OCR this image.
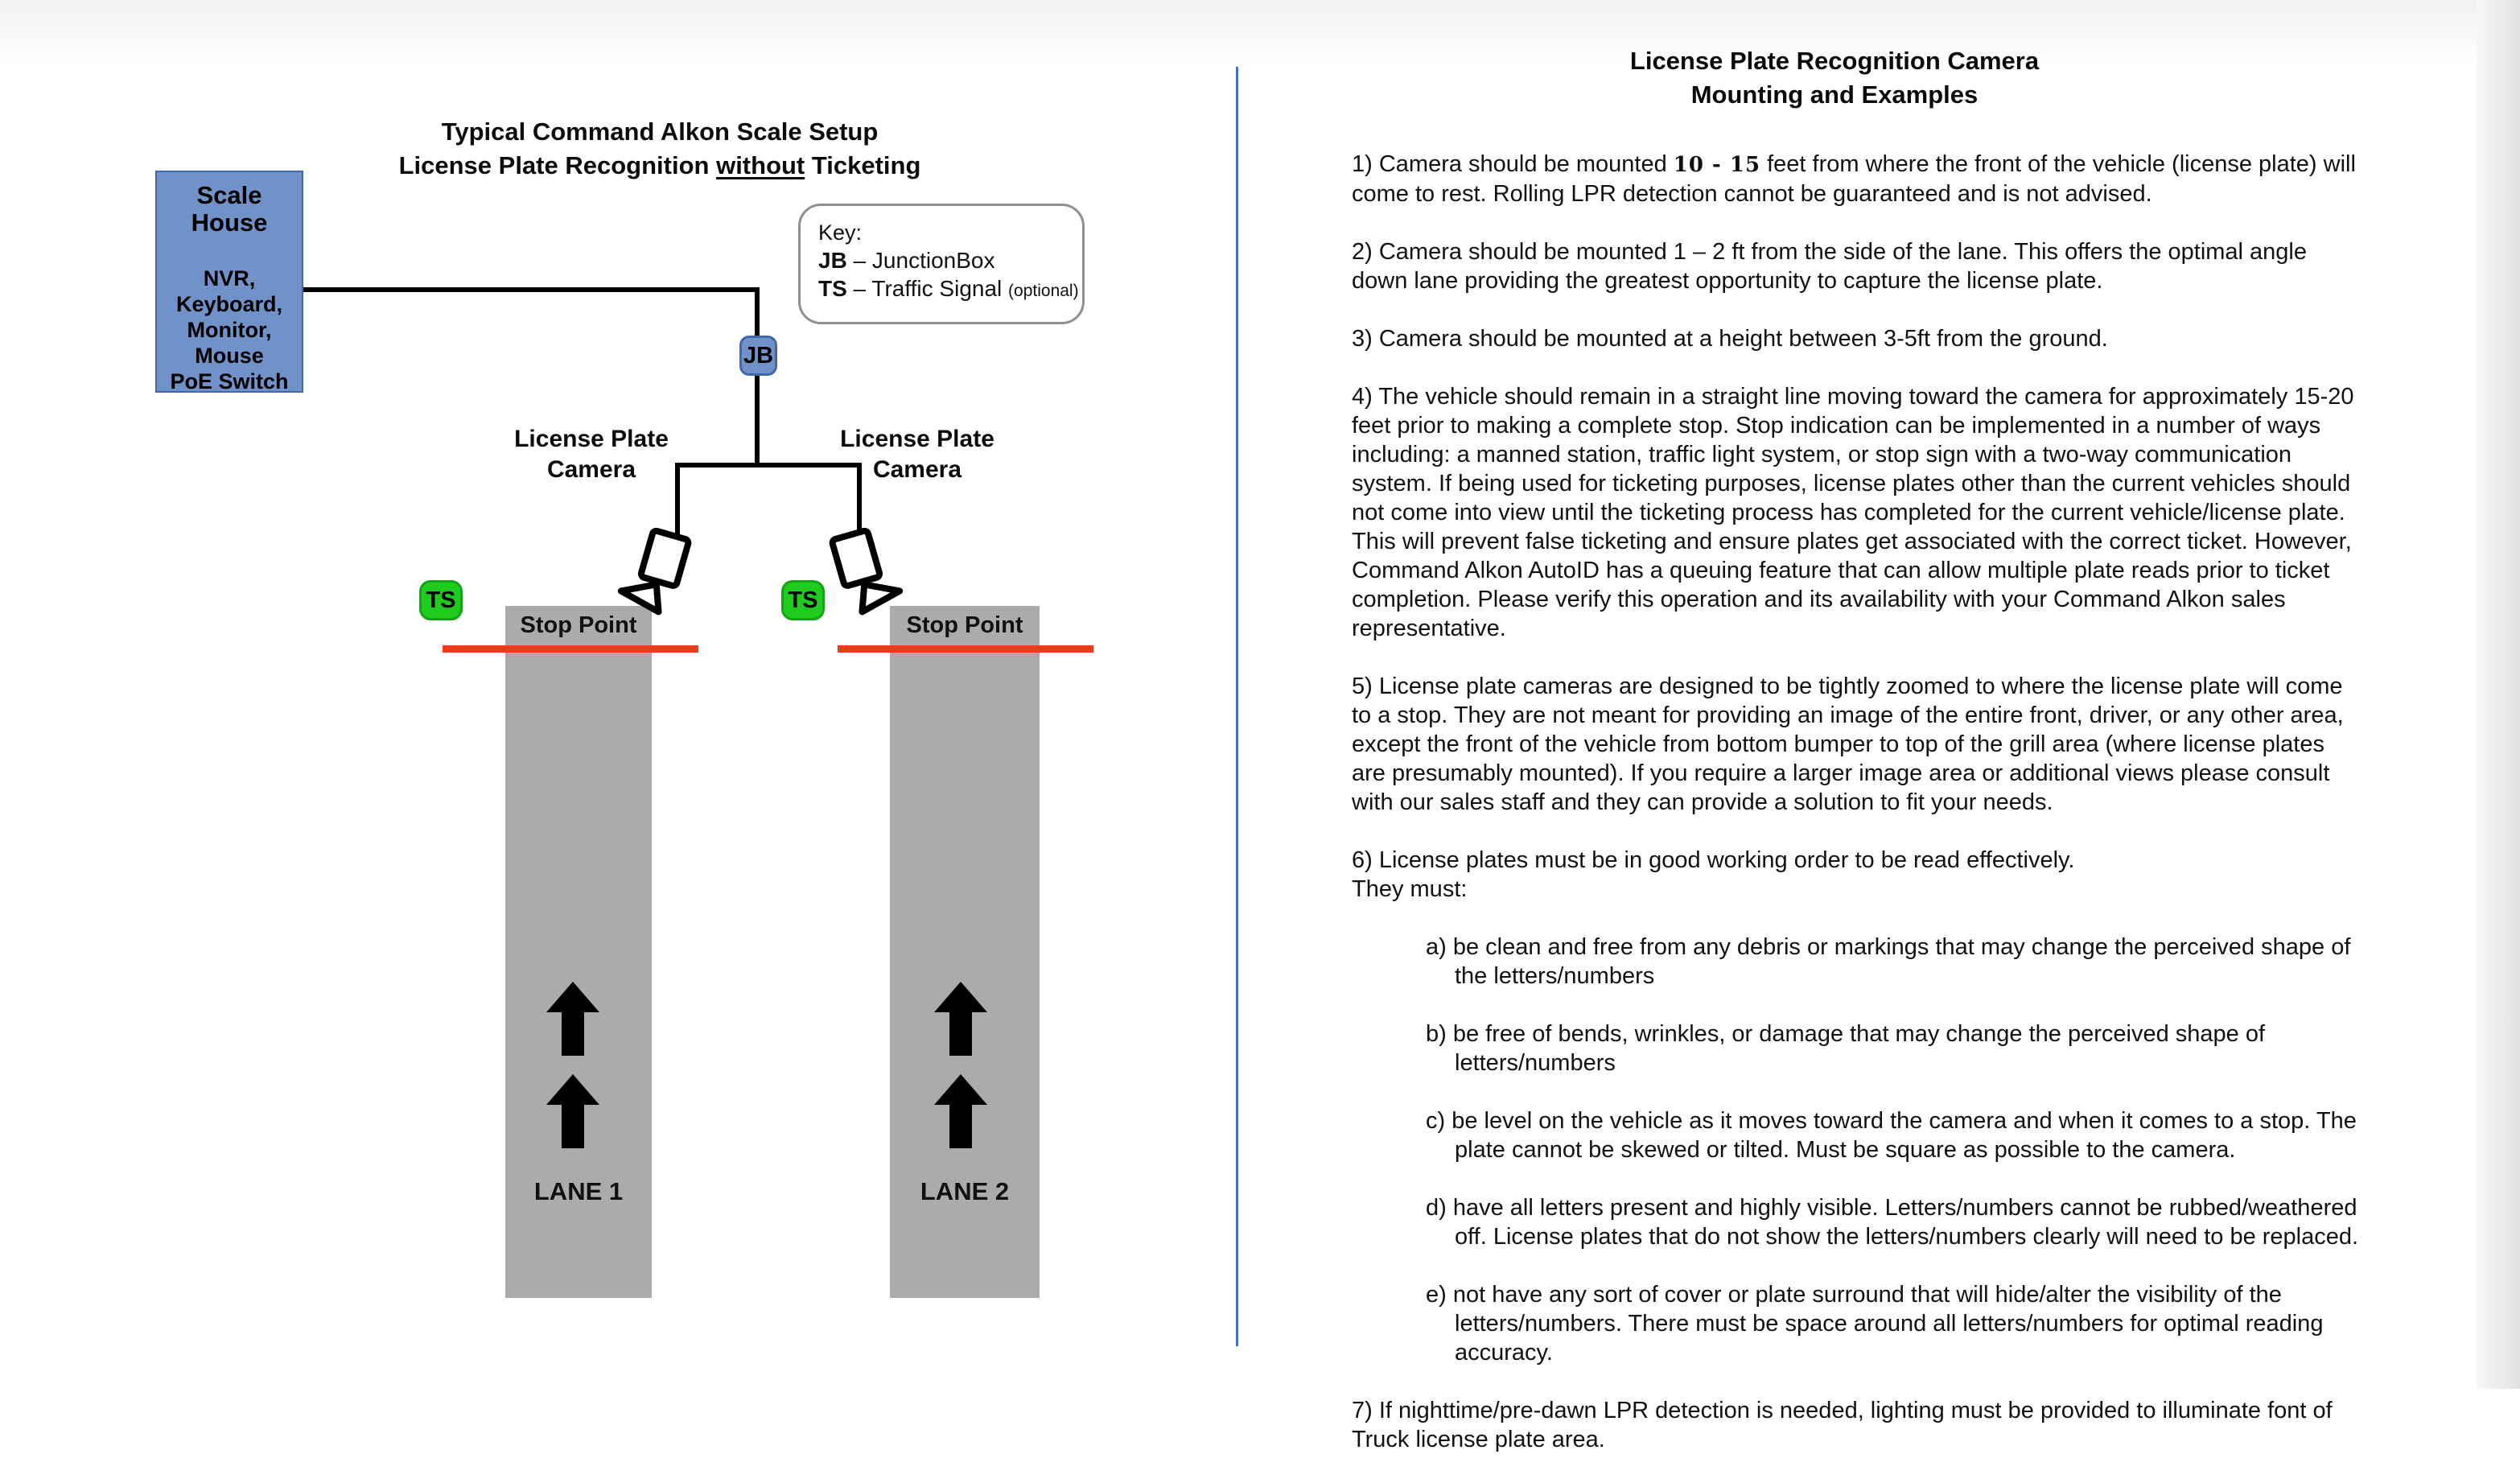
Typical Command Alkon Scale Setup
License Plate Recognition without Ticketing
Stop Point
LANE 1
Stop Point
LANE 2
Scale
House
NVR,
Keyboard,
Monitor,
Mouse
PoE Switch
Key:
JB – JunctionBox
TS – Traffic Signal (optional)
JB
TS	TS
License Plate
Camera
License Plate
Camera
License Plate Recognition Camera
Mounting and Examples

1) Camera should be mounted 10 - 15 feet from where the front of the vehicle (license plate) will come to rest. Rolling LPR detection cannot be guaranteed and is not advised.

2) Camera should be mounted 1 – 2 ft from the side of the lane. This offers the optimal angle down lane providing the greatest opportunity to capture the license plate.

3) Camera should be mounted at a height between 3-5ft from the ground.

4) The vehicle should remain in a straight line moving toward the camera for approximately 15-20 feet prior to making a complete stop. Stop indication can be implemented in a number of ways including: a manned station, traffic light system, or stop sign with a two-way communication system. If being used for ticketing purposes, license plates other than the current vehicles should not come into view until the ticketing process has completed for the current vehicle/license plate. This will prevent false ticketing and ensure plates get associated with the correct ticket. However, Command Alkon AutoID has a queuing feature that can allow multiple plate reads prior to ticket completion. Please verify this operation and its availability with your Command Alkon sales representative.

5) License plate cameras are designed to be tightly zoomed to where the license plate will come to a stop. They are not meant for providing an image of the entire front, driver, or any other area, except the front of the vehicle from bottom bumper to top of the grill area (where license plates are presumably mounted). If you require a larger image area or additional views please consult with our sales staff and they can provide a solution to fit your needs.

6) License plates must be in good working order to be read effectively.

They must:

a) be clean and free from any debris or markings that may change the perceived shape of the letters/numbers

b) be free of bends, wrinkles, or damage that may change the perceived shape of letters/numbers

c) be level on the vehicle as it moves toward the camera and when it comes to a stop. The plate cannot be skewed or tilted. Must be square as possible to the camera.

d) have all letters present and highly visible. Letters/numbers cannot be rubbed/weathered off. License plates that do not show the letters/numbers clearly will need to be replaced.

e) not have any sort of cover or plate surround that will hide/alter the visibility of the letters/numbers. There must be space around all letters/numbers for optimal reading accuracy.

7) If nighttime/pre-dawn LPR detection is needed, lighting must be provided to illuminate font of Truck license plate area.
